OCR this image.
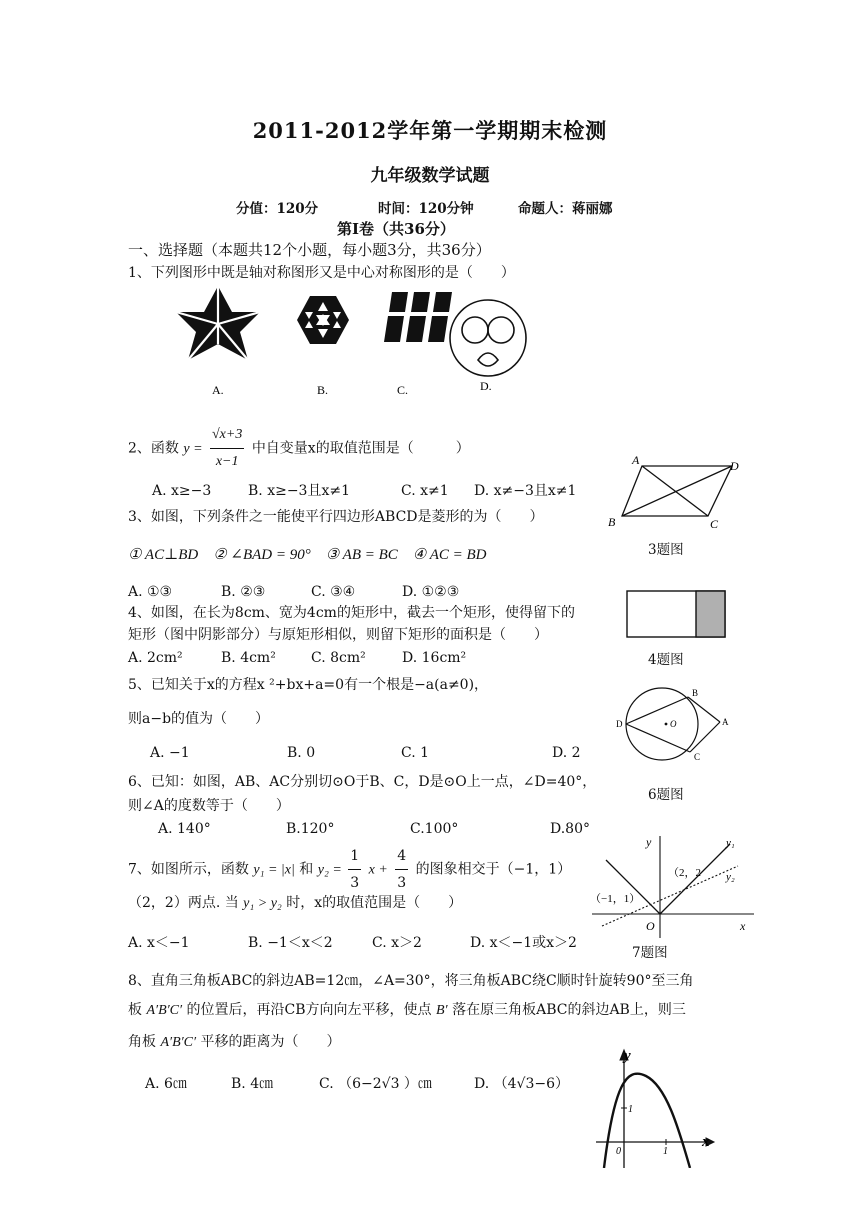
2011-2012学年第一学期期末检测
九年级数学试题
分值：120分	时间：120分钟	命题人：蒋丽娜
第Ⅰ卷（共36分）
一、选择题（本题共12个小题，每小题3分，共36分）
1、下列图形中既是轴对称图形又是中心对称图形的是（　　）
A.	B.	C.	D.
2、函数 $y = \frac{√x+3}{x-1}$ 中自变量x的取值范围是（　　　）
A. x≥−3	B. x≥−3且x≠1	C. x≠1 D. x≠−3且x≠1
A	D
B	C
3题图
3、如图，下列条件之一能使平行四边形ABCD是菱形的为（　　）
① AC⊥BD　② ∠BAD = 90°　③ AB = BC　④ AC = BD
A. ①③	B. ②③	C. ③④	D. ①②③
4、如图，在长为8cm、宽为4cm的矩形中，截去一个矩形，使得留下的
矩形（图中阴影部分）与原矩形相似，则留下矩形的面积是（　　）
A. 2cm²	B. 4cm²	C. 8cm²	D. 16cm²	4题图
5、已知关于x的方程x ²+bx+a=0有一个根是−a(a≠0)，
则a−b的值为（　　）
A. −1	B. 0	C. 1	D. 2
B
D	O	A
C
6题图
6、已知：如图，AB、AC分别切⊙O于B、C，D是⊙O上一点，∠D=40°，
则∠A的度数等于（　　）
A. 140°	B.120°	C.100°	D.80°
7、如图所示，函数 y₁ = |x| 和 $y_2 = \frac{1}{3}$ $x + \frac{4}{3}$ 的图象相交于（−1，1）
（2，2）两点. 当 y₁ > y₂ 时，x的取值范围是（　　）
A. x＜−1	B. −1＜x＜2	C. x＞2	D. x＜−1或x＞2
y	y₁
y₂
（2，2
（−1，1）
O	x
7题图
8、直角三角板ABC的斜边AB=12㎝，∠A=30°，将三角板ABC绕C顺时针旋转90°至三角
板 A′B′C′ 的位置后，再沿CB方向向左平移，使点 B′ 落在原三角板ABC的斜边AB上，则三
角板 A′B′C′ 平移的距离为（　　）
A. 6㎝	B. 4㎝	C. （6−2√3 ）㎝	D. （4√3−6）
y
x
0	1
1
